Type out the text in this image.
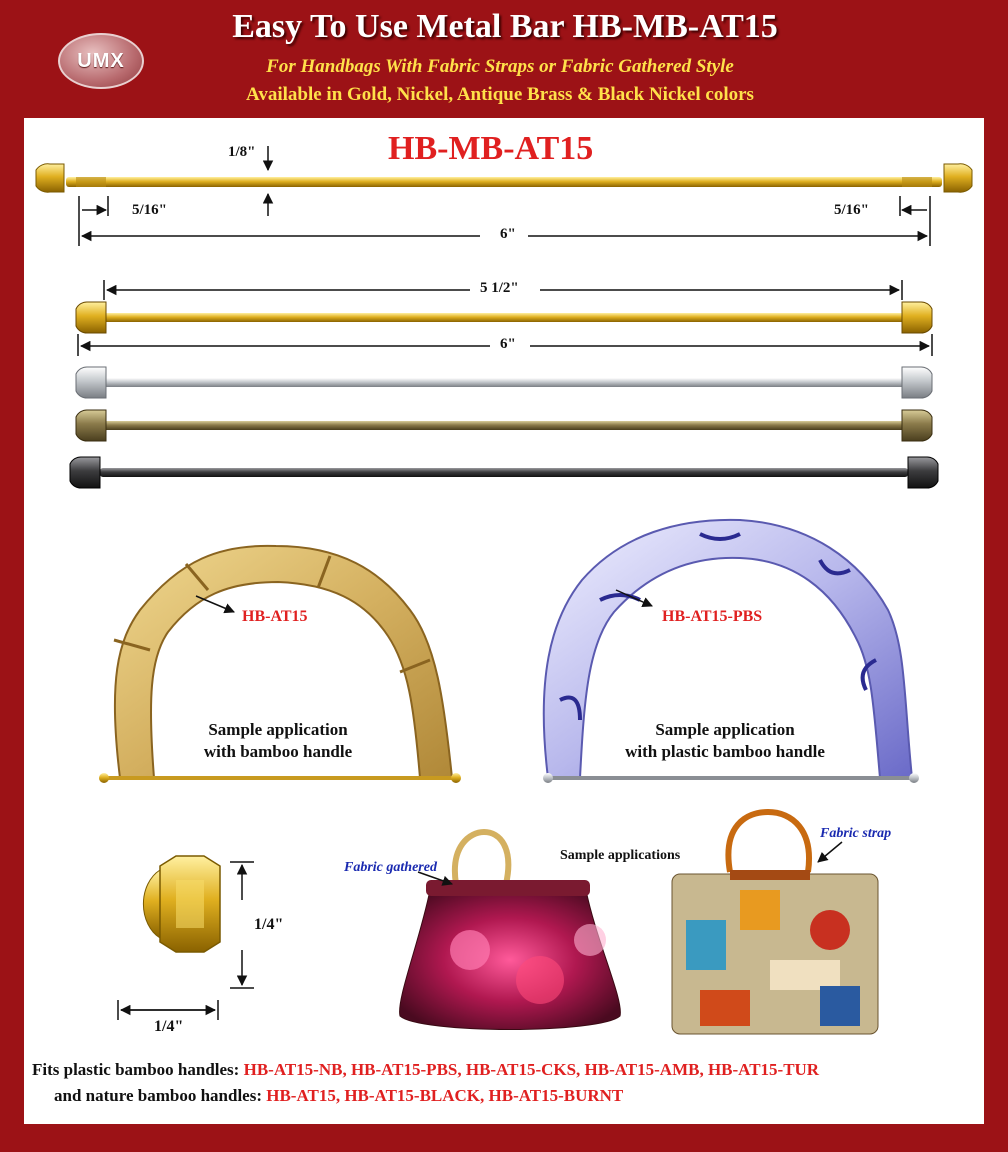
UMX
Easy To Use Metal Bar HB-MB-AT15
For Handbags With Fabric Straps or Fabric Gathered Style
Available in Gold, Nickel, Antique Brass & Black Nickel colors
HB-MB-AT15
1/8"
5/16"	5/16"
6"
5 1/2"
6"
HB-AT15
Sample application
with bamboo handle
HB-AT15-PBS
Sample application
with plastic bamboo handle
1/4"
1/4"
Sample applications
Fabric gathered
Fabric strap
Fits plastic bamboo handles: HB-AT15-NB, HB-AT15-PBS, HB-AT15-CKS, HB-AT15-AMB, HB-AT15-TUR
and nature bamboo handles: HB-AT15, HB-AT15-BLACK, HB-AT15-BURNT
